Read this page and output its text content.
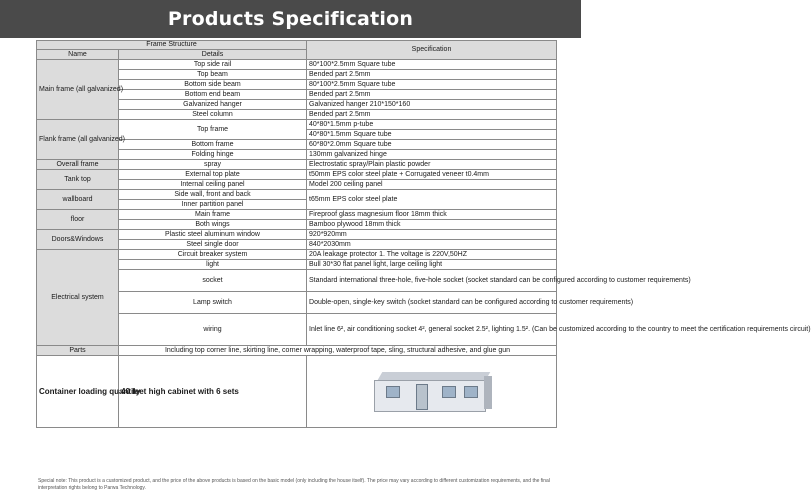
Products Specification
Frame Structure		Specification
Name	Details	
Main frame (all galvanized)	Top side rail	80*100*2.5mm Square tube
	Top beam	Bended part 2.5mm
	Bottom side beam	80*100*2.5mm Square tube
	Bottom end beam	Bended part 2.5mm
	Galvanized hanger	Galvanized hanger 210*150*160
	Steel column	Bended part 2.5mm
Flank frame (all galvanized)	Top frame	40*80*1.5mm p-tube
		40*80*1.5mm Square tube
	Bottom frame	60*80*2.0mm Square tube
	Folding hinge	130mm galvanized hinge
Overall frame	spray	Electrostatic spray/Plain plastic powder
Tank top	External top plate	t50mm EPS color steel plate + Corrugated veneer t0.4mm
	Internal ceiling panel	Model 200 ceiling panel
wallboard	Side wall, front and back	t65mm EPS color steel plate
	Inner partition panel	
floor	Main frame	Fireproof glass magnesium floor 18mm thick
	Both wings	Bamboo plywood 18mm thick
Doors&Windows	Plastic steel aluminum window	920*920mm
	Steel single door	840*2030mm
Electrical system	Circuit breaker system	20A leakage protector 1. The voltage is 220V,50HZ
	light	Bull 30*30 flat panel light, large ceiling light
	socket	Standard international three-hole, five-hole socket (socket standard can be configured according to customer requirements)
	Lamp switch	Double-open, single-key switch (socket standard can be configured according to customer requirements)
	wiring	Inlet line 6², air conditioning socket 4², general socket 2.5², lighting 1.5². (Can be customized according to the country to meet the certification requirements circuit)
Parts	Including top corner line, skirting line, corner wrapping, waterproof tape, sling, structural adhesive, and glue gun	
Container loading quantity	40 feet high cabinet with 6 sets	
Special note: This product is a customized product, and the price of the above products is based on the basic model (only including the house itself). The price may vary according to different customization requirements, and the final interpretation rights belong to Parwa Technology.
